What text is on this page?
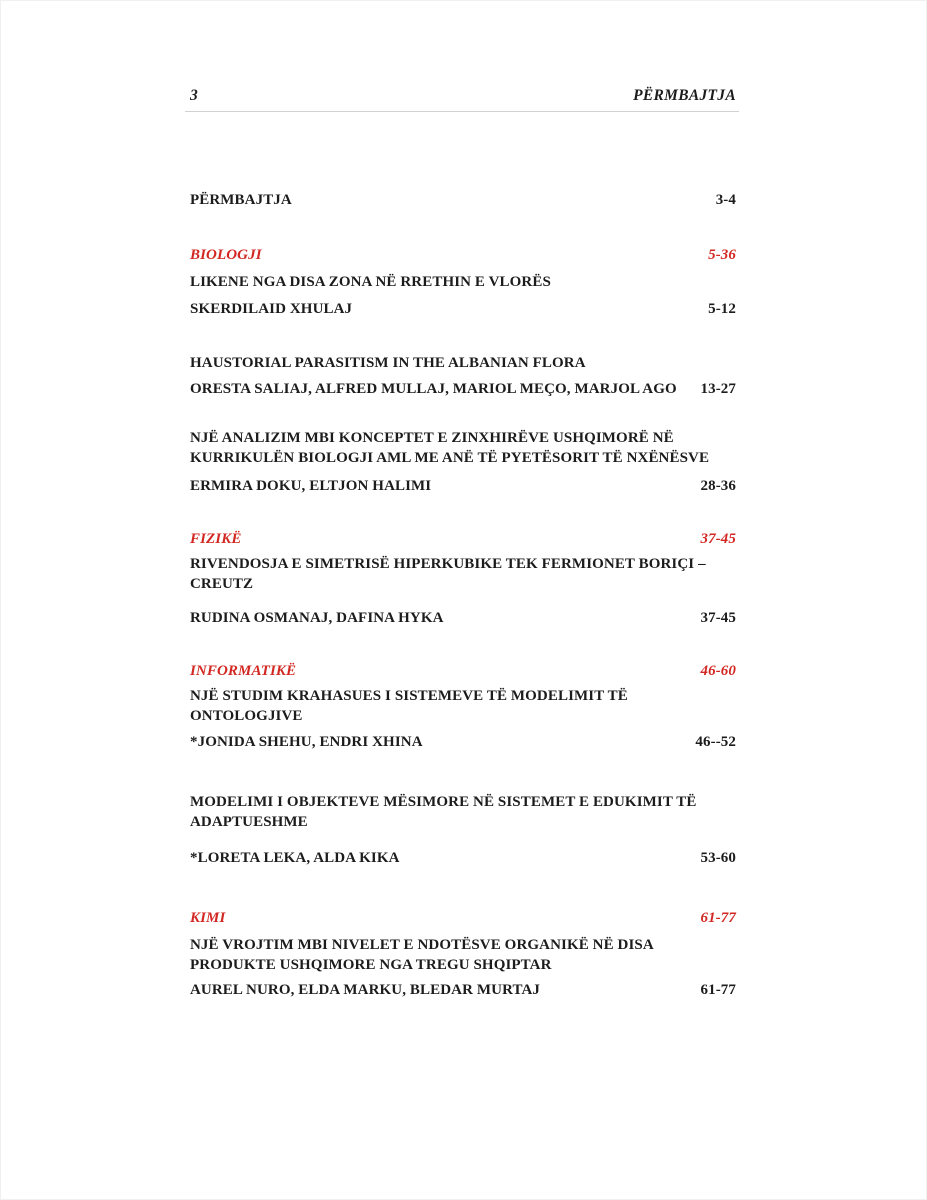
3	PËRMBAJTJA
PËRMBAJTJA	3-4
BIOLOGJI	5-36
LIKENE NGA DISA ZONA NË RRETHIN E VLORËS
SKERDILAID XHULAJ	5-12
HAUSTORIAL PARASITISM IN THE ALBANIAN FLORA
ORESTA SALIAJ, ALFRED MULLAJ, MARIOL MEÇO, MARJOL AGO 13-27
NJË ANALIZIM MBI KONCEPTET E ZINXHIRËVE USHQIMORË NË
KURRIKULËN BIOLOGJI AML ME ANË TË PYETËSORIT TË NXËNËSVE
ERMIRA DOKU, ELTJON HALIMI	28-36
FIZIKË	37-45
RIVENDOSJA E SIMETRISË HIPERKUBIKE TEK FERMIONET BORIÇI –
CREUTZ
RUDINA OSMANAJ, DAFINA HYKA	37-45
INFORMATIKË	46-60
NJË STUDIM KRAHASUES I SISTEMEVE TË MODELIMIT TË
ONTOLOGJIVE
*JONIDA SHEHU, ENDRI XHINA	46--52
MODELIMI I OBJEKTEVE MËSIMORE NË SISTEMET E EDUKIMIT TË
ADAPTUESHME
*LORETA LEKA, ALDA KIKA	53-60
KIMI	61-77
NJË VROJTIM MBI NIVELET E NDOTËSVE ORGANIKË NË DISA
PRODUKTE USHQIMORE NGA TREGU SHQIPTAR
AUREL NURO, ELDA MARKU, BLEDAR MURTAJ	61-77
